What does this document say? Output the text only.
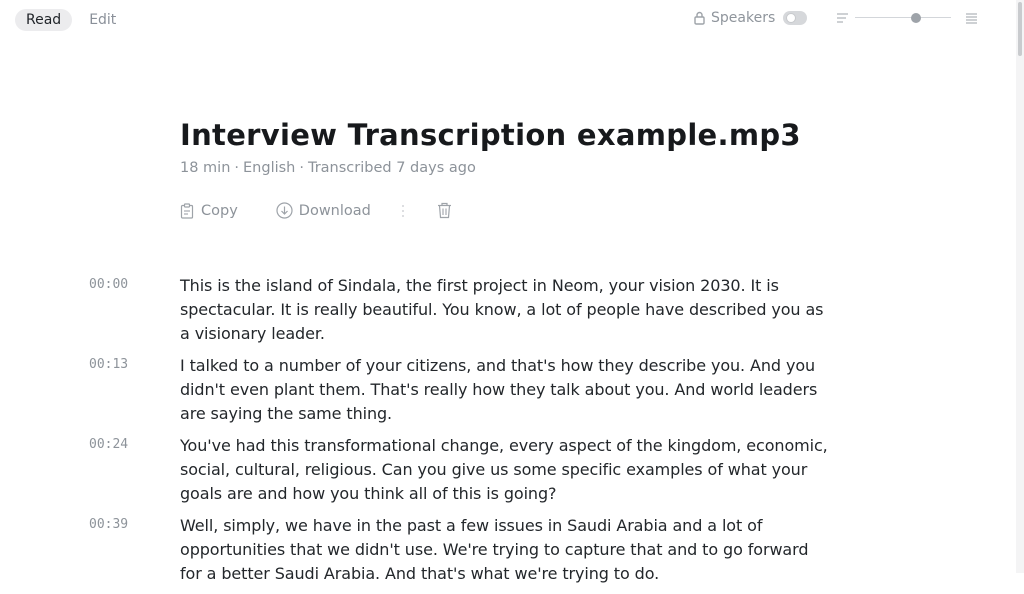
Read	Edit	Speakers
Interview Transcription example.mp3
18 min · English · Transcribed 7 days ago
Copy	Download
00:00	This is the island of Sindala, the first project in Neom, your vision 2030. It is spectacular. It is really beautiful. You know, a lot of people have described you as a visionary leader.
00:13	I talked to a number of your citizens, and that's how they describe you. And you didn't even plant them. That's really how they talk about you. And world leaders are saying the same thing.
00:24	You've had this transformational change, every aspect of the kingdom, economic, social, cultural, religious. Can you give us some specific examples of what your goals are and how you think all of this is going?
00:39	Well, simply, we have in the past a few issues in Saudi Arabia and a lot of opportunities that we didn't use. We're trying to capture that and to go forward for a better Saudi Arabia. And that's what we're trying to do.
